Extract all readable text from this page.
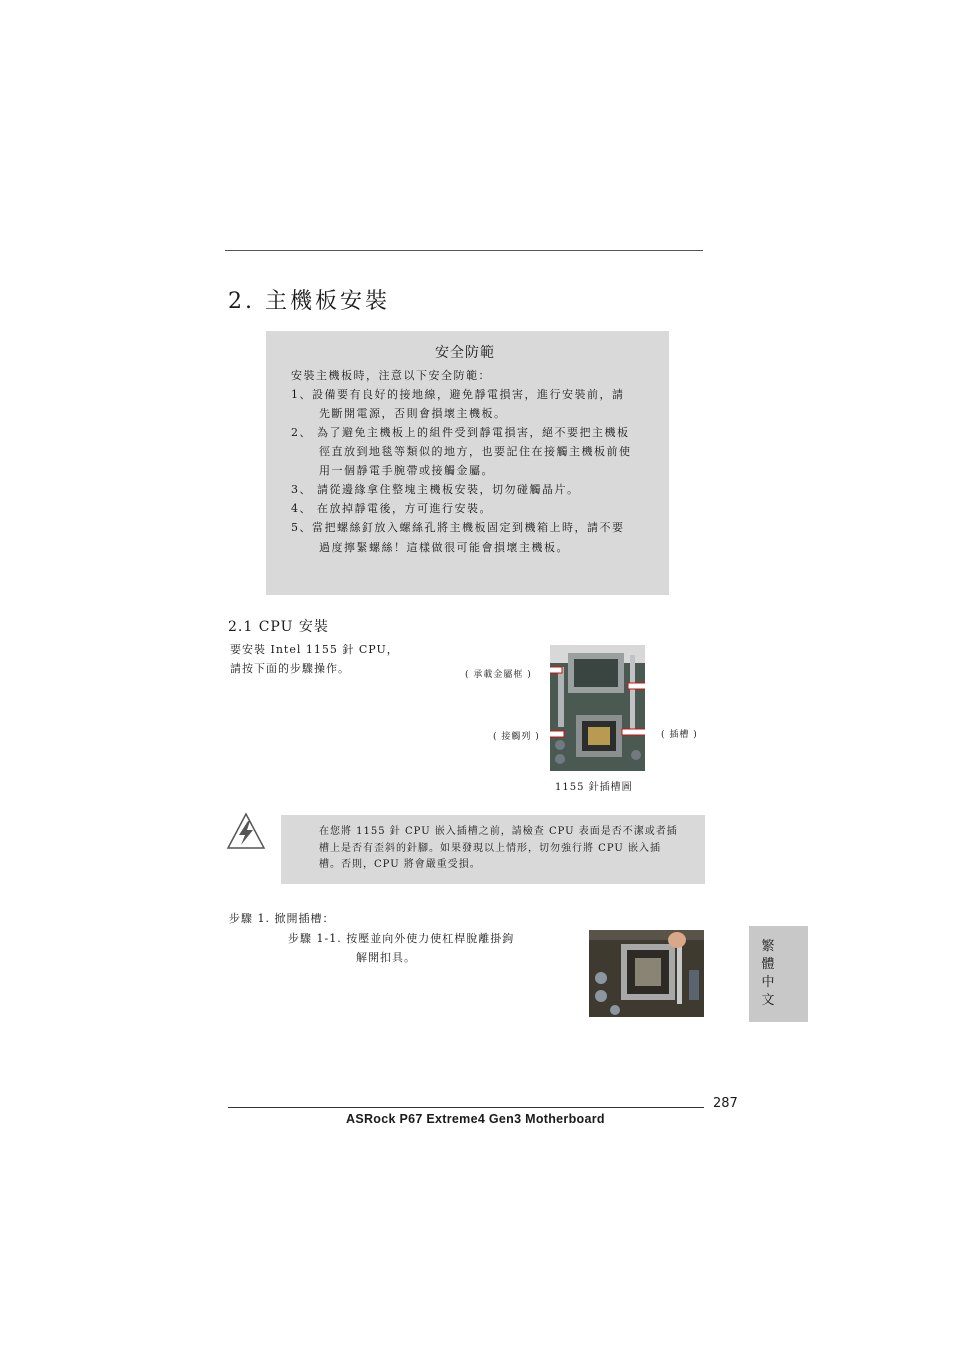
2. 主機板安裝
安全防範
安裝主機板時，注意以下安全防範：
1、設備要有良好的接地線，避免靜電損害，進行安裝前，請
先斷開電源，否則會損壞主機板。
2、 為了避免主機板上的組件受到靜電損害，絕不要把主機板
徑直放到地毯等類似的地方，也要記住在接觸主機板前使
用一個靜電手腕帶或接觸金屬。
3、 請從邊緣拿住整塊主機板安裝，切勿碰觸晶片。
4、 在放掉靜電後，方可進行安裝。
5、當把螺絲釘放入螺絲孔將主機板固定到機箱上時，請不要
過度擰緊螺絲！這樣做很可能會損壞主機板。
2.1 CPU 安裝
要安裝 Intel 1155 針 CPU，
請按下面的步驟操作。	( 承載金屬框 )
( 接觸列 )	( 插槽 )
1155 針插槽圖
在您將 1155 針 CPU 嵌入插槽之前，請檢查 CPU 表面是否不潔或者插
槽上是否有歪斜的針腳。如果發現以上情形，切勿強行將 CPU 嵌入插
槽。否則，CPU 將會嚴重受損。
步驟 1. 掀開插槽：
步驟 1-1. 按壓並向外使力使杠桿脫離掛鉤
解開扣具。
繁體中文
287
ASRock P67 Extreme4 Gen3 Motherboard
